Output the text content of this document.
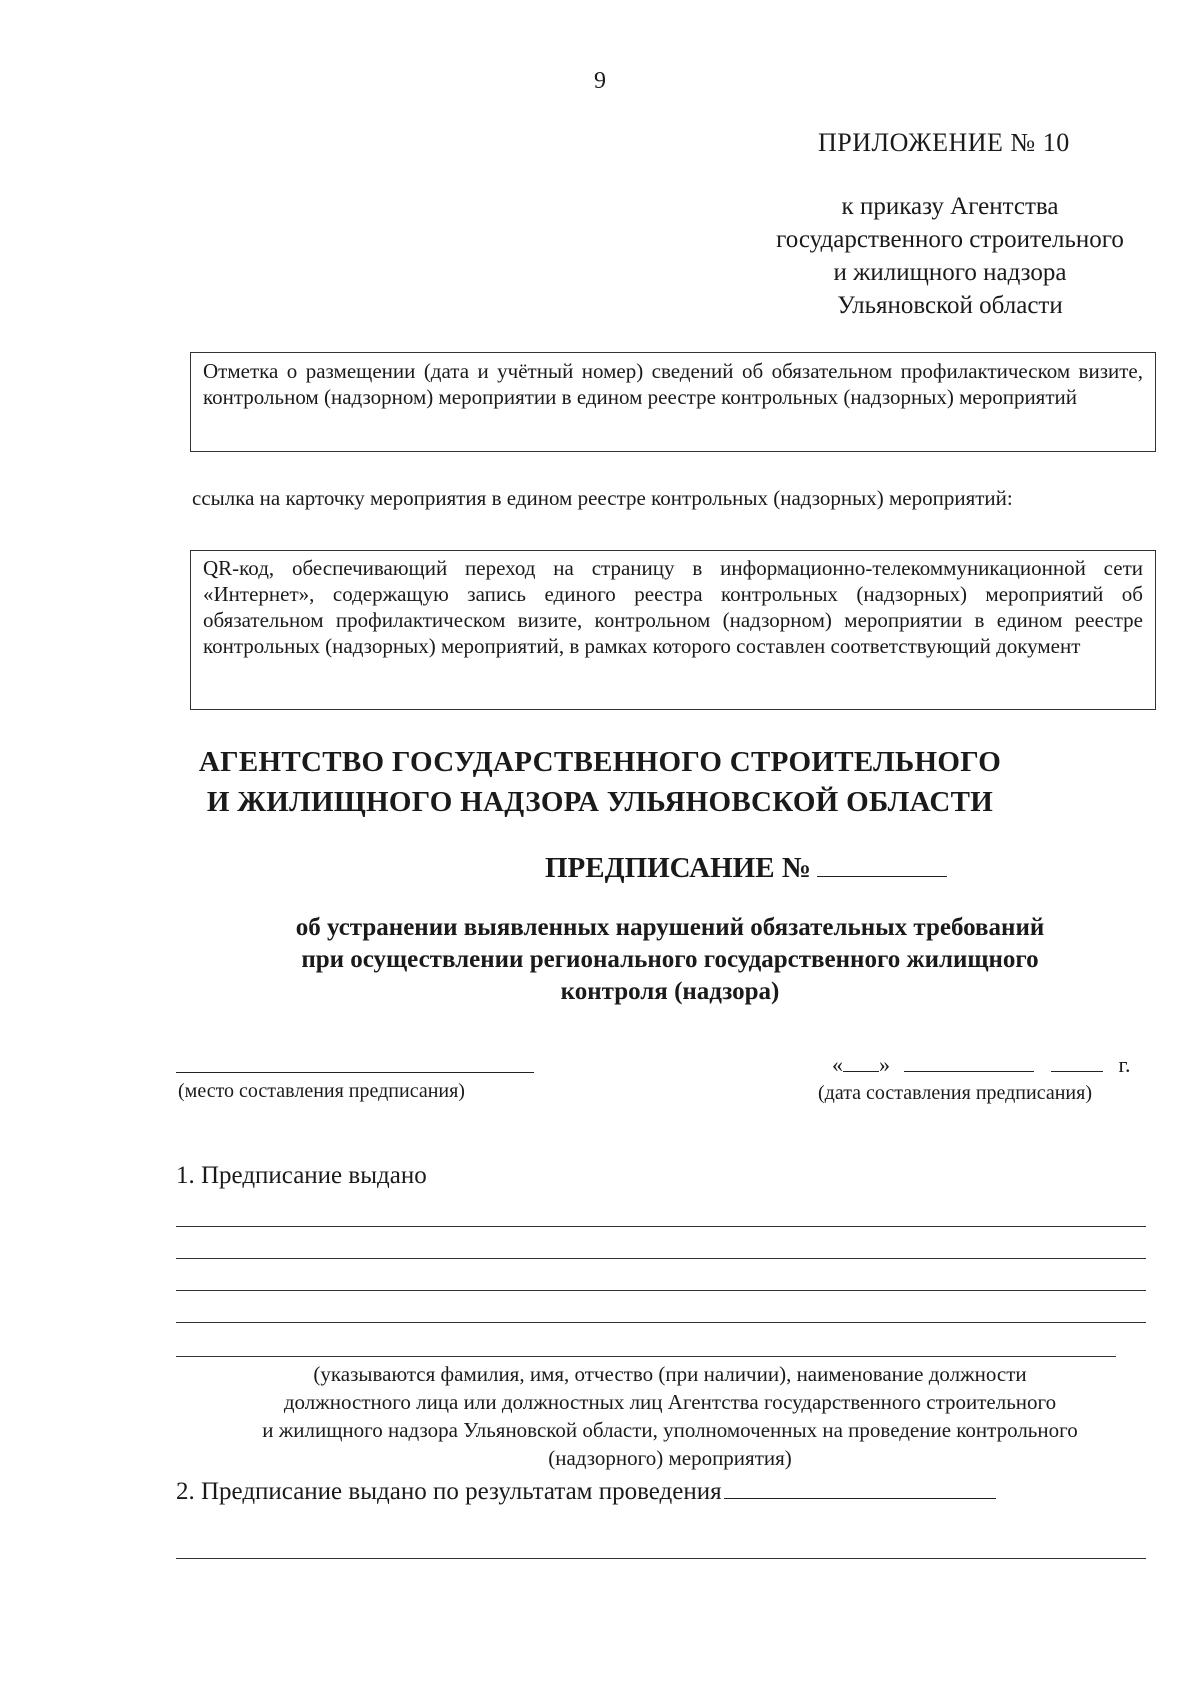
9
ПРИЛОЖЕНИЕ № 10
к приказу Агентства
государственного строительного
и жилищного надзора
Ульяновской области
Отметка о размещении (дата и учётный номер) сведений об обязательном профилактическом визите, контрольном (надзорном) мероприятии в едином реестре контрольных (надзорных) мероприятий
ссылка на карточку мероприятия в едином реестре контрольных (надзорных) мероприятий:
QR-код, обеспечивающий переход на страницу в информационно-телекоммуникационной сети «Интернет», содержащую запись единого реестра контрольных (надзорных) мероприятий об обязательном профилактическом визите, контрольном (надзорном) мероприятии в едином реестре контрольных (надзорных) мероприятий, в рамках которого составлен соответствующий документ
АГЕНТСТВО ГОСУДАРСТВЕННОГО СТРОИТЕЛЬНОГО
И ЖИЛИЩНОГО НАДЗОРА УЛЬЯНОВСКОЙ ОБЛАСТИ
ПРЕДПИСАНИЕ №
об устранении выявленных нарушений обязательных требований
при осуществлении регионального государственного жилищного
контроля (надзора)
(место составления предписания)
« »	г.
(дата составления предписания)
1. Предписание выдано
(указываются фамилия, имя, отчество (при наличии), наименование должности
должностного лица или должностных лиц Агентства государственного строительного
и жилищного надзора Ульяновской области, уполномоченных на проведение контрольного
(надзорного) мероприятия)
2. Предписание выдано по результатам проведения
